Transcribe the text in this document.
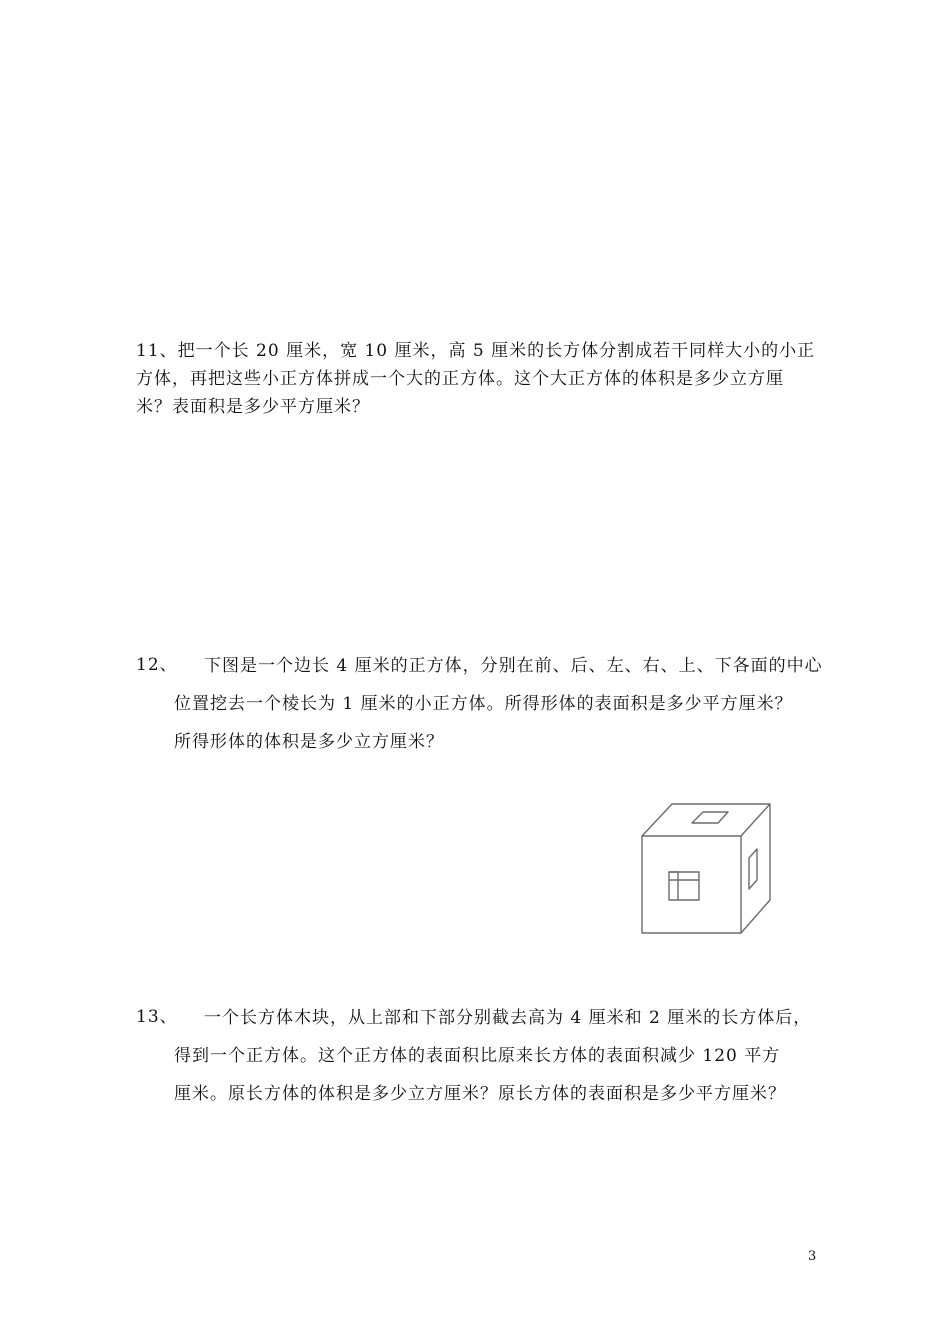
11、把一个长 20 厘米，宽 10 厘米，高 5 厘米的长方体分割成若干同样大小的小正
方体，再把这些小正方体拼成一个大的正方体。这个大正方体的体积是多少立方厘
米？表面积是多少平方厘米？
12、 下图是一个边长 4 厘米的正方体，分别在前、后、左、右、上、下各面的中心
位置挖去一个棱长为 1 厘米的小正方体。所得形体的表面积是多少平方厘米？
所得形体的体积是多少立方厘米？
13、 一个长方体木块，从上部和下部分别截去高为 4 厘米和 2 厘米的长方体后，
得到一个正方体。这个正方体的表面积比原来长方体的表面积减少 120 平方
厘米。原长方体的体积是多少立方厘米？原长方体的表面积是多少平方厘米？
3
